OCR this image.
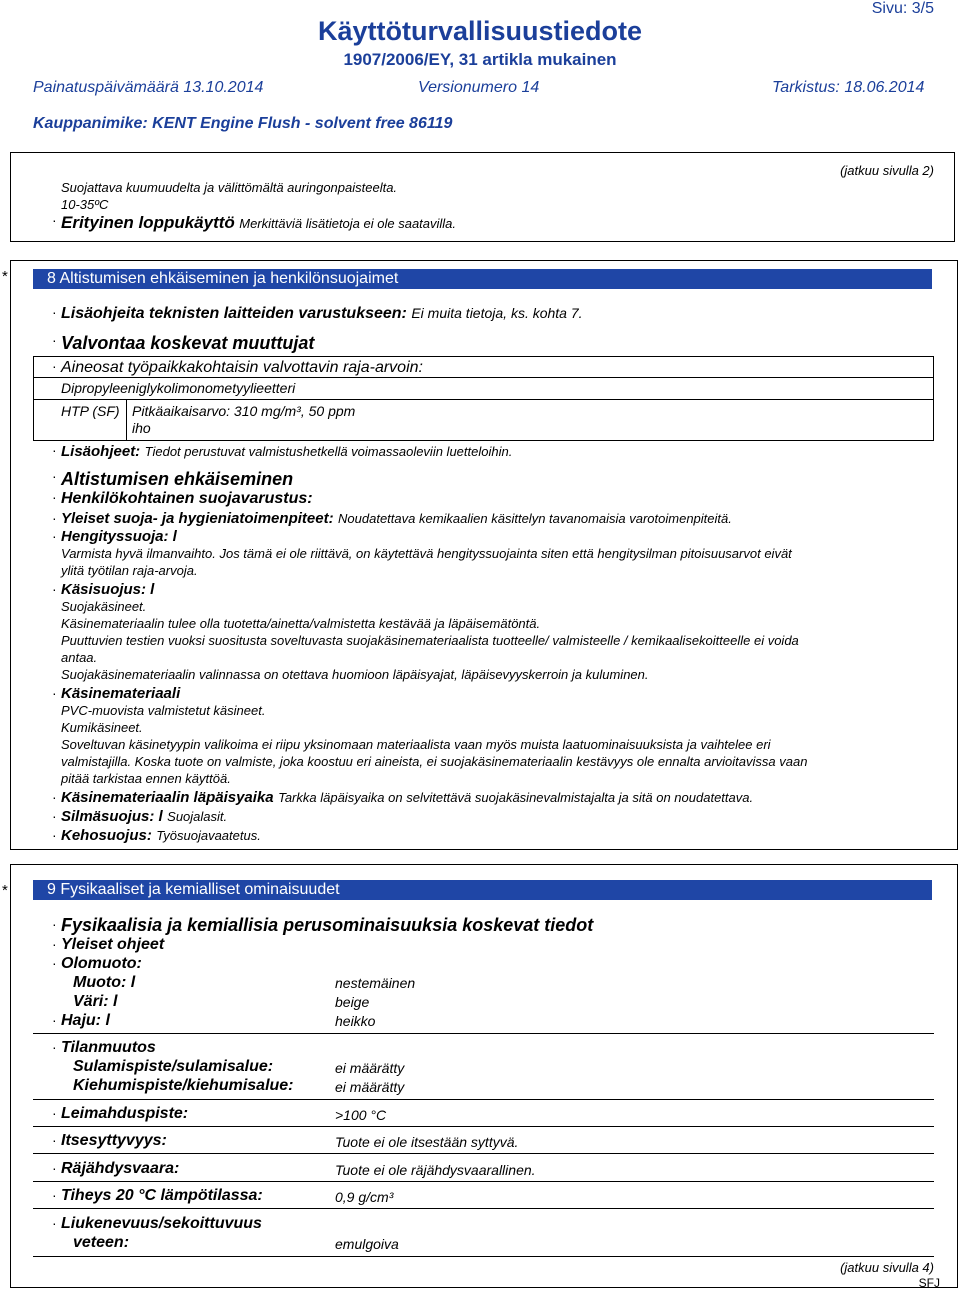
Käyttöturvallisuustiedote
1907/2006/EY, 31 artikla mukainen
Sivu: 3/5
Painatuspäivämäärä 13.10.2014	Versionumero 14	Tarkistus: 18.06.2014
Kauppanimike: KENT Engine Flush - solvent free 86119
(jatkuu sivulla 2)
Suojattava kuumuudelta ja välittömältä auringonpaisteelta.
10-35ºC
· Erityinen loppukäyttö Merkittäviä lisätietoja ei ole saatavilla.
*	8 Altistumisen ehkäiseminen ja henkilönsuojaimet
· Lisäohjeita teknisten laitteiden varustukseen: Ei muita tietoja, ks. kohta 7.
· Valvontaa koskevat muuttujat
· Aineosat työpaikkakohtaisin valvottavin raja-arvoin:
Dipropyleeniglykolimonometyylieetteri
HTP (SF) Pitkäaikaisarvo: 310 mg/m³, 50 ppm
iho
· Lisäohjeet: Tiedot perustuvat valmistushetkellä voimassaoleviin luetteloihin.
· Altistumisen ehkäiseminen
· Henkilökohtainen suojavarustus:
· Yleiset suoja- ja hygieniatoimenpiteet: Noudatettava kemikaalien käsittelyn tavanomaisia varotoimenpiteitä.
· Hengityssuoja: l
Varmista hyvä ilmanvaihto. Jos tämä ei ole riittävä, on käytettävä hengityssuojainta siten että hengitysilman pitoisuusarvot eivät
ylitä työtilan raja-arvoja.
· Käsisuojus: l
Suojakäsineet.
Käsinemateriaalin tulee olla tuotetta/ainetta/valmistetta kestävää ja läpäisemätöntä.
Puuttuvien testien vuoksi suositusta soveltuvasta suojakäsinemateriaalista tuotteelle/ valmisteelle / kemikaalisekoitteelle ei voida
antaa.
Suojakäsinemateriaalin valinnassa on otettava huomioon läpäisyajat, läpäisevyyskerroin ja kuluminen.
· Käsinemateriaali
PVC-muovista valmistetut käsineet.
Kumikäsineet.
Soveltuvan käsinetyypin valikoima ei riipu yksinomaan materiaalista vaan myös muista laatuominaisuuksista ja vaihtelee eri
valmistajilla. Koska tuote on valmiste, joka koostuu eri aineista, ei suojakäsinemateriaalin kestävyys ole ennalta arvioitavissa vaan
pitää tarkistaa ennen käyttöä.
· Käsinemateriaalin läpäisyaika Tarkka läpäisyaika on selvitettävä suojakäsinevalmistajalta ja sitä on noudatettava.
· Silmäsuojus: l Suojalasit.
· Kehosuojus: Työsuojavaatetus.
*	9 Fysikaaliset ja kemialliset ominaisuudet
· Fysikaalisia ja kemiallisia perusominaisuuksia koskevat tiedot
· Yleiset ohjeet
· Olomuoto:
Muoto: l	nestemäinen
Väri: l	beige
· Haju: l	heikko
· Tilanmuutos
Sulamispiste/sulamisalue:	ei määrätty
Kiehumispiste/kiehumisalue:	ei määrätty
· Leimahduspiste:	>100 °C
· Itsesyttyvyys:	Tuote ei ole itsestään syttyvä.
· Räjähdysvaara:	Tuote ei ole räjähdysvaarallinen.
· Tiheys 20 °C lämpötilassa:	0,9 g/cm³
· Liukenevuus/sekoittuvuus
veteen:	emulgoiva
(jatkuu sivulla 4)
SFJ
